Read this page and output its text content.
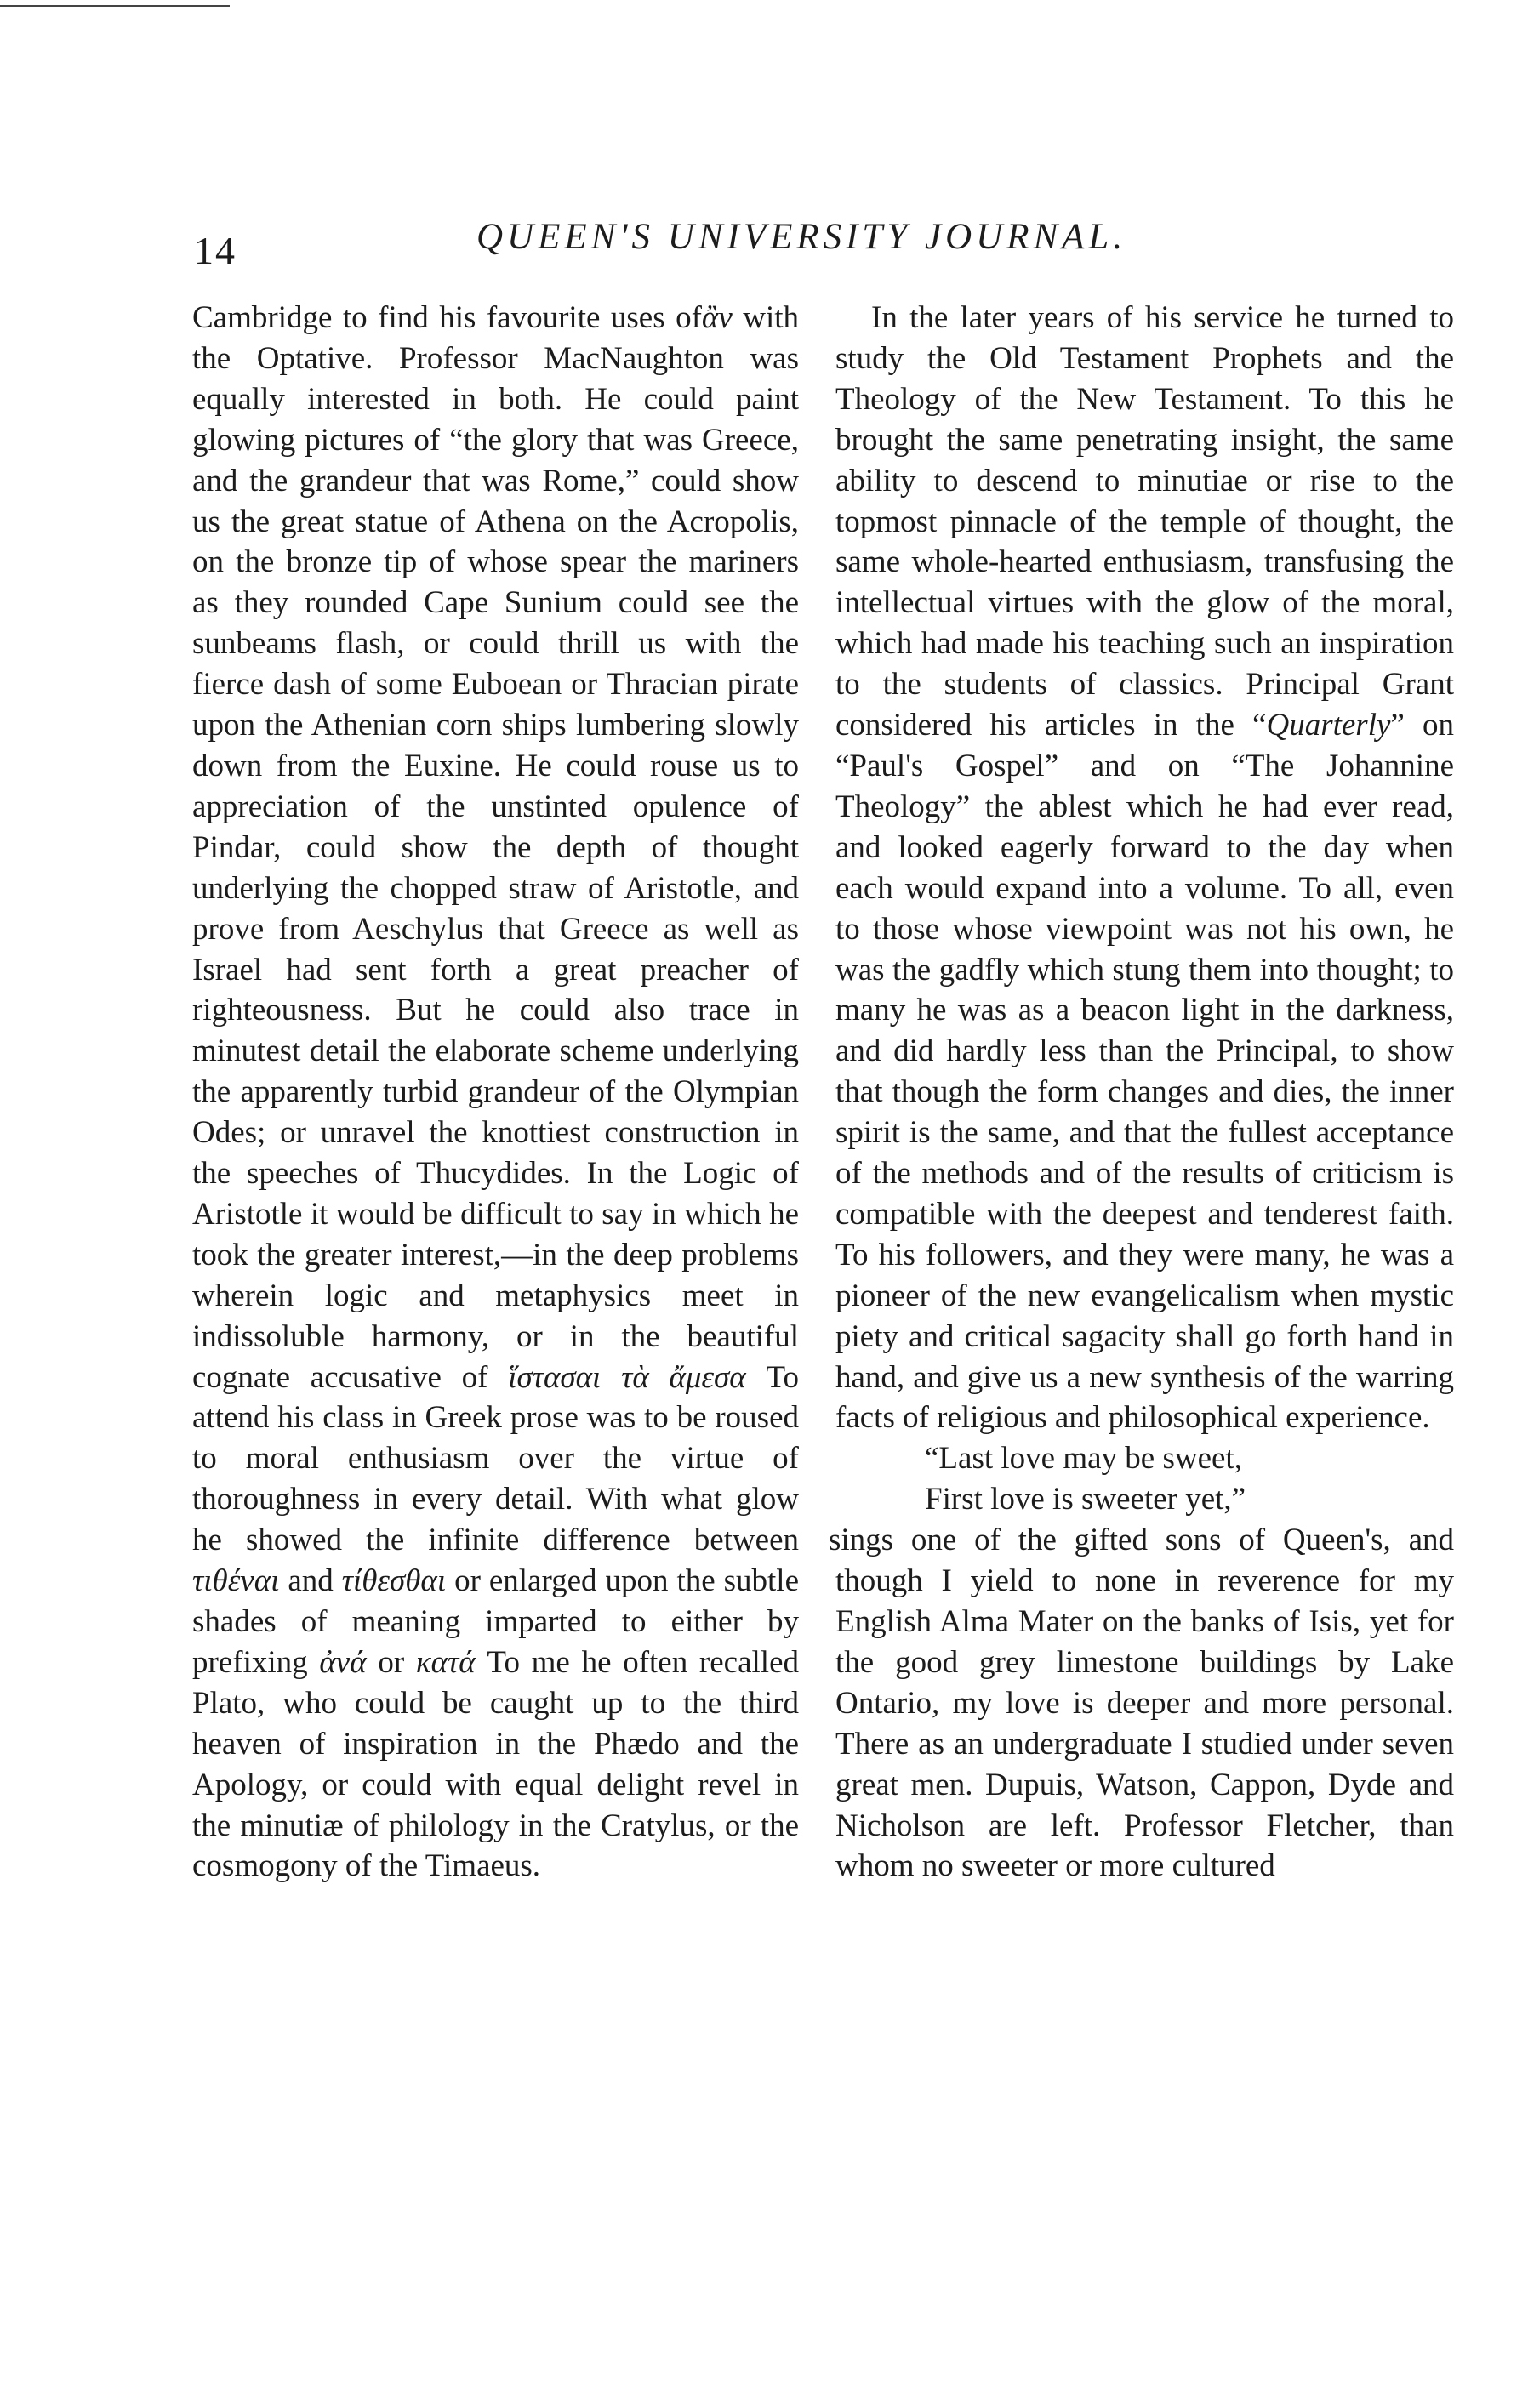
14	QUEEN'S UNIVERSITY JOURNAL.

Cambridge to find his favourite uses ofἂν with the Optative. Professor MacNaughton was equally interested in both. He could paint glowing pictures of “the glory that was Greece, and the grandeur that was Rome,” could show us the great statue of Athena on the Acropolis, on the bronze tip of whose spear the mariners as they rounded Cape Sunium could see the sunbeams flash, or could thrill us with the fierce dash of some Euboean or Thracian pirate upon the Athenian corn ships lumbering slowly down from the Euxine. He could rouse us to appreciation of the unstinted opulence of Pindar, could show the depth of thought underlying the chopped straw of Aristotle, and prove from Aeschylus that Greece as well as Israel had sent forth a great preacher of righteousness. But he could also trace in minutest detail the elaborate scheme underlying the apparently turbid grandeur of the Olympian Odes; or unravel the knottiest construction in the speeches of Thucydides. In the Logic of Aristotle it would be difficult to say in which he took the greater interest,—in the deep problems wherein logic and metaphysics meet in indissoluble harmony, or in the beautiful cognate accusative of ἵστασαι τὰ ἄμεσα To attend his class in Greek prose was to be roused to moral enthusiasm over the virtue of thoroughness in every detail. With what glow he showed the infinite difference between τιθέναι and τίθεσθαι or enlarged upon the subtle shades of meaning imparted to either by prefixing ἀνά or κατά To me he often recalled Plato, who could be caught up to the third heaven of inspiration in the Phædo and the Apology, or could with equal delight revel in the minutiæ of philology in the Cratylus, or the cosmogony of the Timaeus.

In the later years of his service he turned to study the Old Testament Prophets and the Theology of the New Testament. To this he brought the same penetrating insight, the same ability to descend to minutiae or rise to the topmost pinnacle of the temple of thought, the same whole-hearted enthusiasm, transfusing the intellectual virtues with the glow of the moral, which had made his teaching such an inspiration to the students of classics. Principal Grant considered his articles in the “Quarterly” on “Paul's Gospel” and on “The Johannine Theology” the ablest which he had ever read, and looked eagerly forward to the day when each would expand into a volume. To all, even to those whose viewpoint was not his own, he was the gadfly which stung them into thought; to many he was as a beacon light in the darkness, and did hardly less than the Principal, to show that though the form changes and dies, the inner spirit is the same, and that the fullest acceptance of the methods and of the results of criticism is compatible with the deepest and tenderest faith. To his followers, and they were many, he was a pioneer of the new evangelicalism when mystic piety and critical sagacity shall go forth hand in hand, and give us a new synthesis of the warring facts of religious and philosophical experience.

“Last love may be sweet,
First love is sweeter yet,”

sings one of the gifted sons of Queen's, and though I yield to none in reverence for my English Alma Mater on the banks of Isis, yet for the good grey limestone buildings by Lake Ontario, my love is deeper and more personal. There as an undergraduate I studied under seven great men. Dupuis, Watson, Cappon, Dyde and Nicholson are left. Professor Fletcher, than whom no sweeter or more cultured
